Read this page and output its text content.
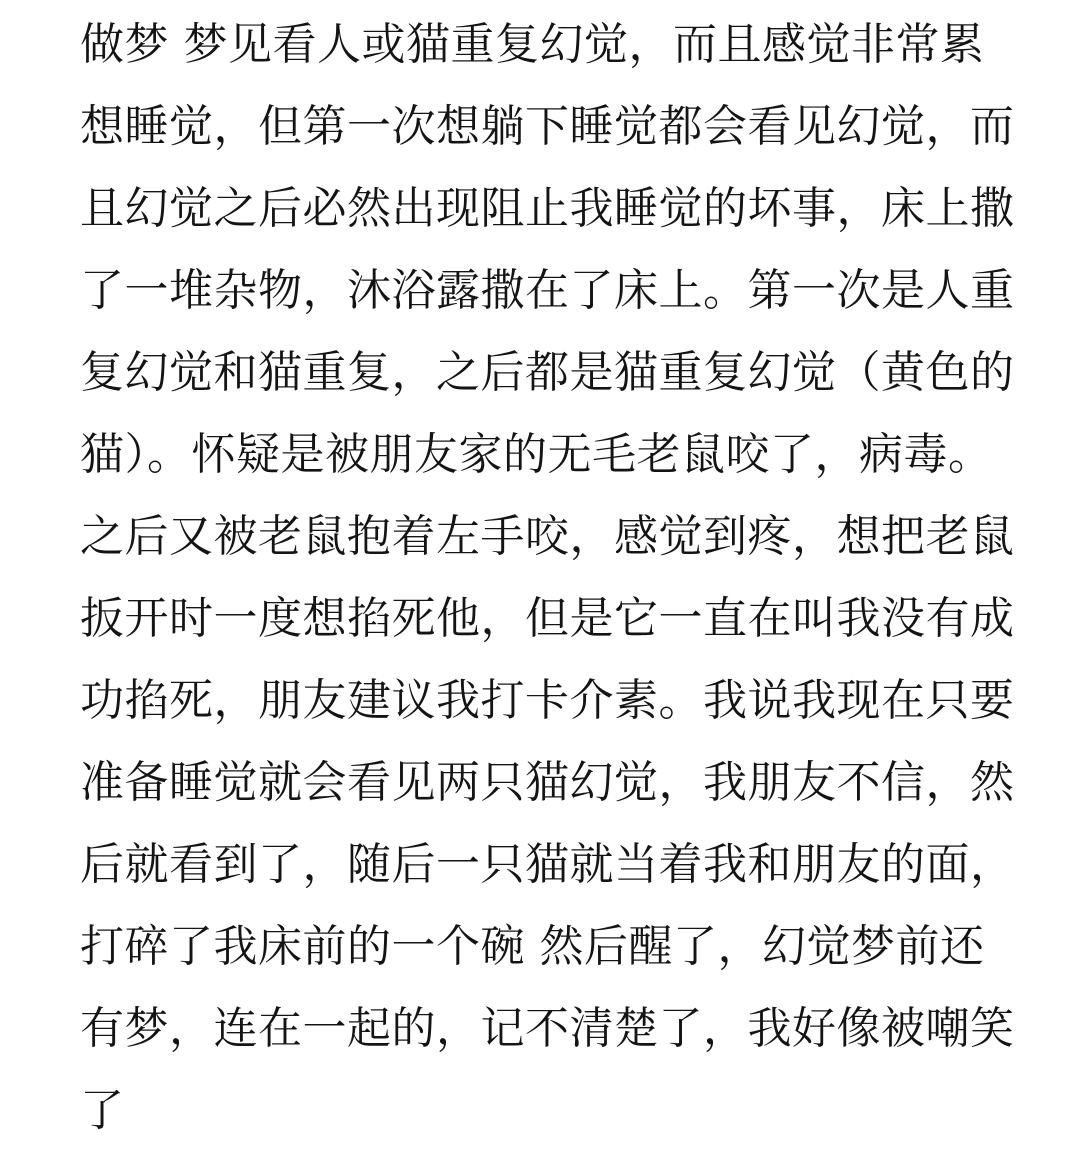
做梦 梦见看人或猫重复幻觉，而且感觉非常累
想睡觉，但第一次想躺下睡觉都会看见幻觉，而
且幻觉之后必然出现阻止我睡觉的坏事，床上撒
了一堆杂物，沐浴露撒在了床上。第一次是人重
复幻觉和猫重复，之后都是猫重复幻觉（黄色的
猫）。怀疑是被朋友家的无毛老鼠咬了，病毒。
之后又被老鼠抱着左手咬，感觉到疼，想把老鼠
扳开时一度想掐死他，但是它一直在叫我没有成
功掐死，朋友建议我打卡介素。我说我现在只要
准备睡觉就会看见两只猫幻觉，我朋友不信，然
后就看到了，随后一只猫就当着我和朋友的面，
打碎了我床前的一个碗 然后醒了，幻觉梦前还
有梦，连在一起的，记不清楚了，我好像被嘲笑
了
